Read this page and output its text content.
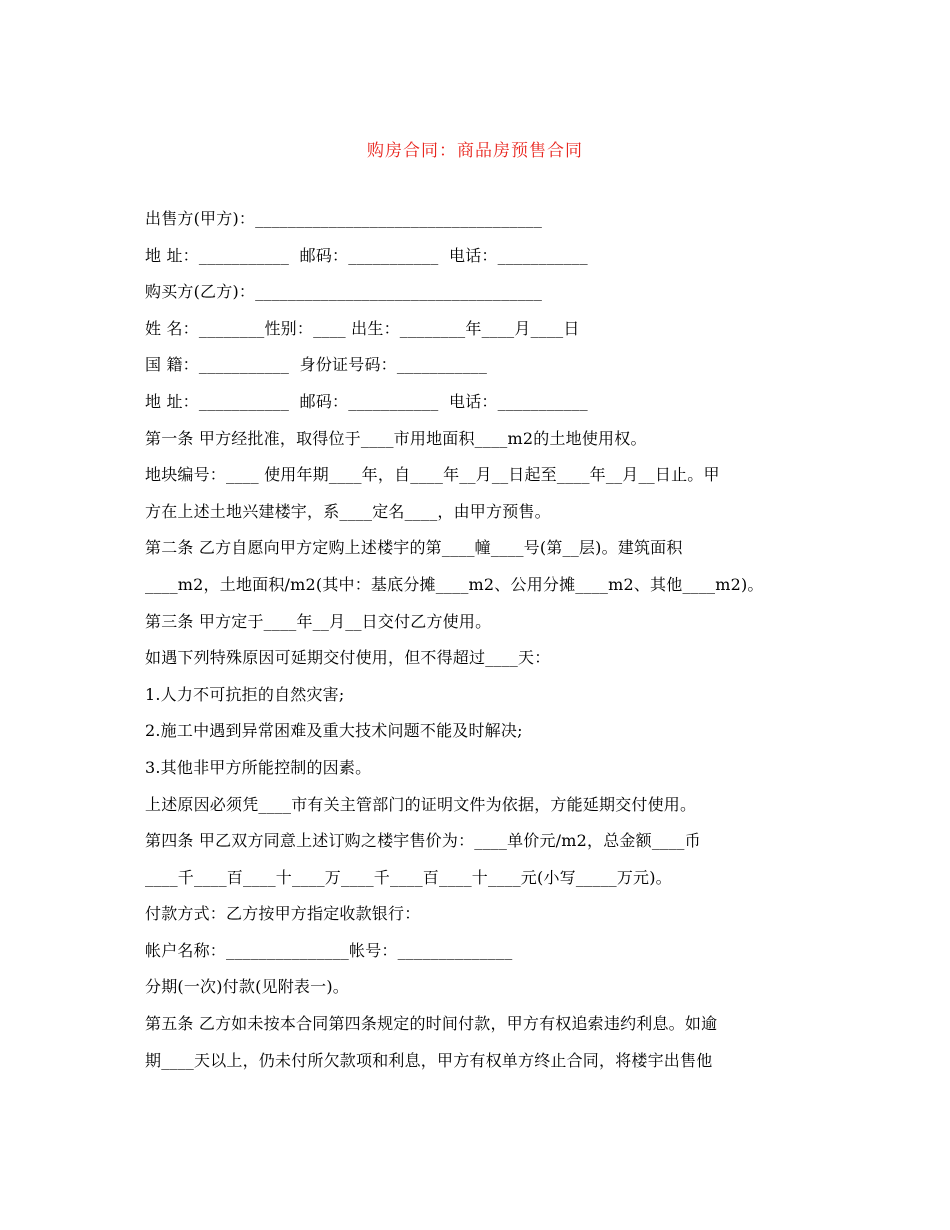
购房合同：商品房预售合同
出售方(甲方)：___________________________________
地 址：___________  邮码：___________  电话：___________
购买方(乙方)：___________________________________
姓 名：________性别：____ 出生：________年____月____日
国 籍：___________  身份证号码：___________
地 址：___________  邮码：___________  电话：___________
第一条 甲方经批准，取得位于____市用地面积____m2的土地使用权。
地块编号：____ 使用年期____年，自____年__月__日起至____年__月__日止。甲
方在上述土地兴建楼宇，系____定名____，由甲方预售。
第二条 乙方自愿向甲方定购上述楼宇的第____幢____号(第__层)。建筑面积
____m2，土地面积/m2(其中：基底分摊____m2、公用分摊____m2、其他____m2)。
第三条 甲方定于____年__月__日交付乙方使用。
如遇下列特殊原因可延期交付使用，但不得超过____天：
1.人力不可抗拒的自然灾害;
2.施工中遇到异常困难及重大技术问题不能及时解决;
3.其他非甲方所能控制的因素。
上述原因必须凭____市有关主管部门的证明文件为依据，方能延期交付使用。
第四条 甲乙双方同意上述订购之楼宇售价为：____单价元/m2，总金额____币
____千____百____十____万____千____百____十____元(小写_____万元)。
付款方式：乙方按甲方指定收款银行：
帐户名称：_______________帐号：______________
分期(一次)付款(见附表一)。
第五条 乙方如未按本合同第四条规定的时间付款，甲方有权追索违约利息。如逾
期____天以上，仍未付所欠款项和利息，甲方有权单方终止合同，将楼宇出售他
